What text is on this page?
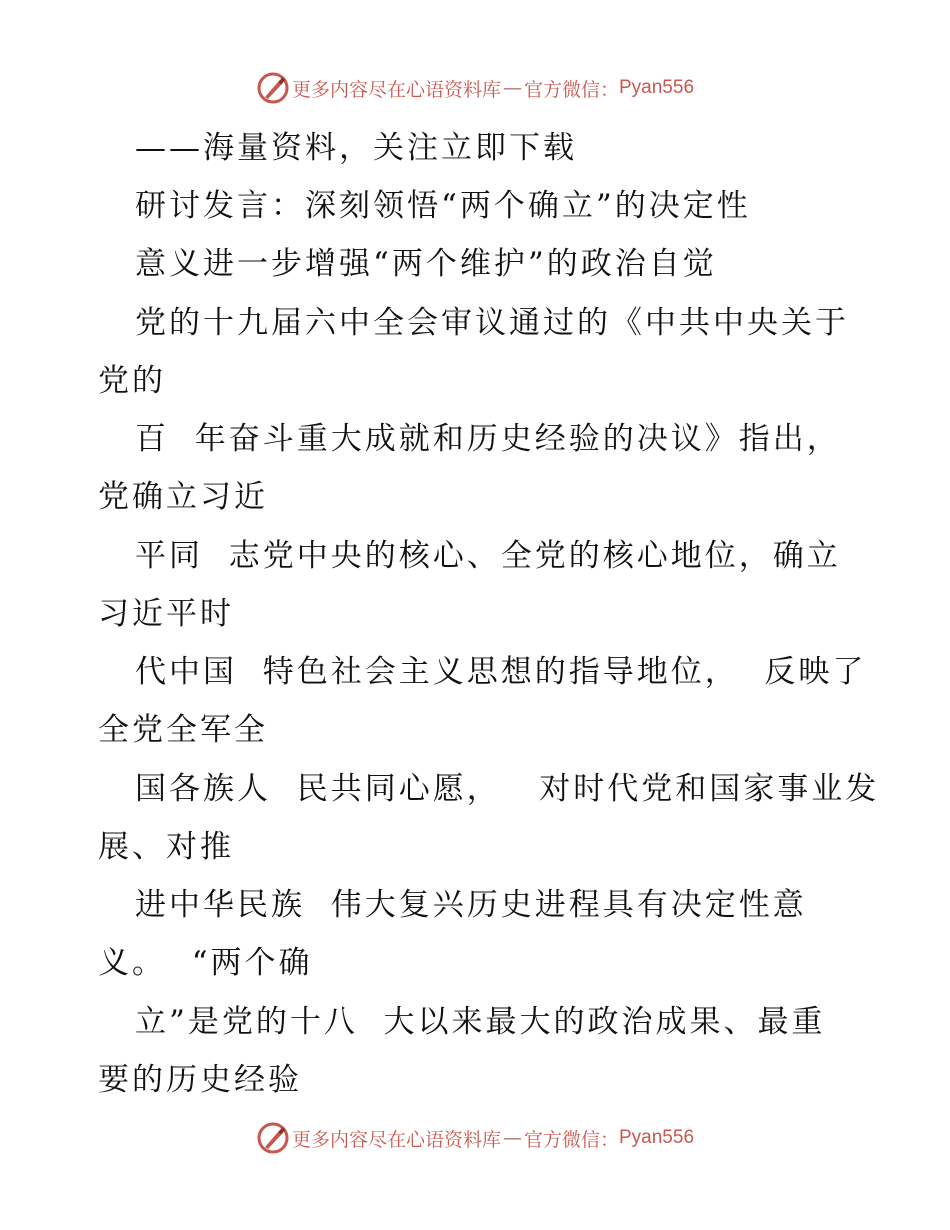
更多内容尽在心语资料库 — 官方微信： Pyan556

——海量资料，关注立即下载

研讨发言：深刻领悟“两个确立”的决定性

意义进一步增强“两个维护”的政治自觉

党的十九届六中全会审议通过的《中共中央关于

党的

百  年奋斗重大成就和历史经验的决议》指出，

党确立习近

平同  志党中央的核心、全党的核心地位，确立

习近平时

代中国  特色社会主义思想的指导地位，  反映了

全党全军全

国各族人  民共同心愿，   对时代党和国家事业发

展、对推

进中华民族  伟大复兴历史进程具有决定性意

义。  “两个确

立”是党的十八  大以来最大的政治成果、最重

要的历史经验

更多内容尽在心语资料库 — 官方微信： Pyan556
